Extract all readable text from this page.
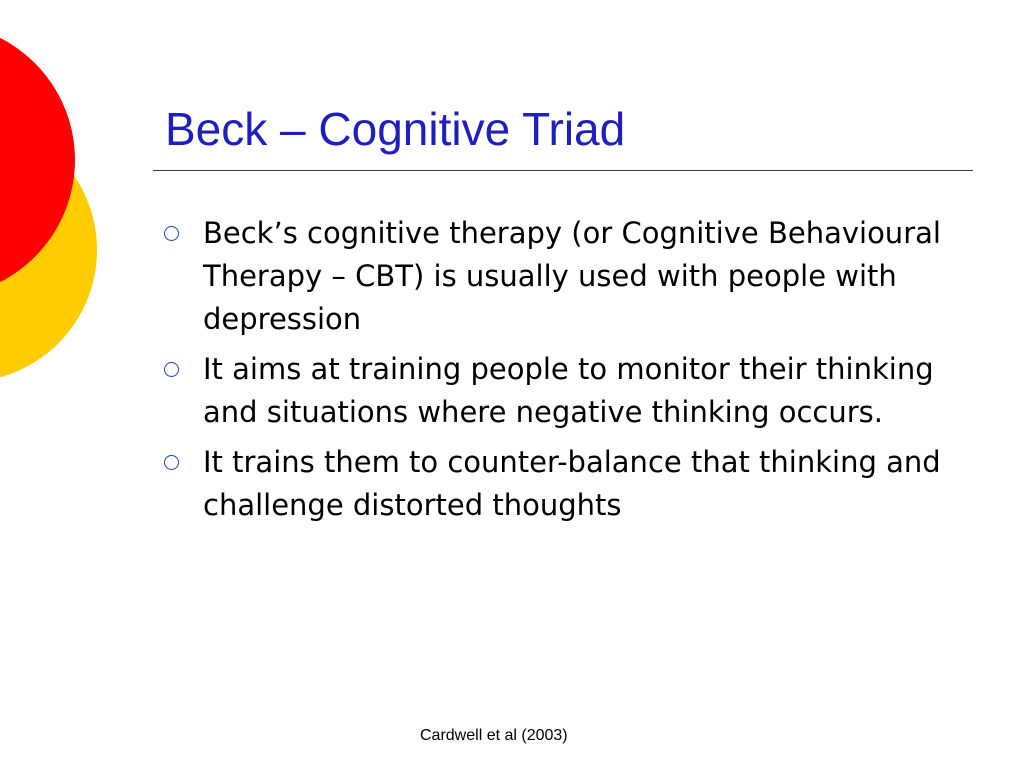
Beck – Cognitive Triad
Beck’s cognitive therapy (or Cognitive Behavioural Therapy – CBT) is usually used with people with depression
It aims at training people to monitor their thinking and situations where negative thinking occurs.
It trains them to counter-balance that thinking and challenge distorted thoughts
Cardwell et al (2003)
